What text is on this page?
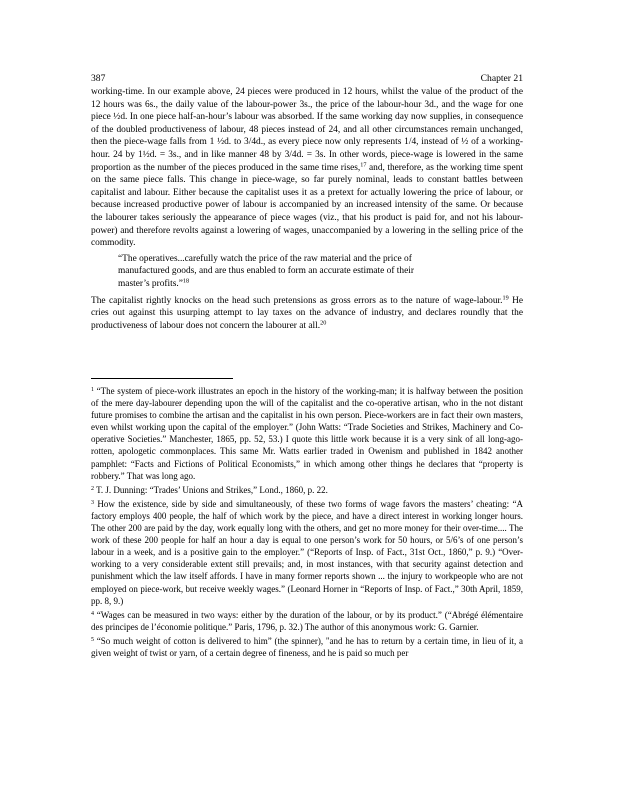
387	Chapter 21

working-time. In our example above, 24 pieces were produced in 12 hours, whilst the value of the product of the 12 hours was 6s., the daily value of the labour-power 3s., the price of the labour-hour 3d., and the wage for one piece ½d. In one piece half-an-hour’s labour was absorbed. If the same working day now supplies, in consequence of the doubled productiveness of labour, 48 pieces instead of 24, and all other circumstances remain unchanged, then the piece-wage falls from 1 ½d. to 3/4d., as every piece now only represents 1/4, instead of ½ of a working-hour. 24 by 1½d. = 3s., and in like manner 48 by 3/4d. = 3s. In other words, piece-wage is lowered in the same proportion as the number of the pieces produced in the same time rises,$^{17}$ and, therefore, as the working time spent on the same piece falls. This change in piece-wage, so far purely nominal, leads to constant battles between capitalist and labour. Either because the capitalist uses it as a pretext for actually lowering the price of labour, or because increased productive power of labour is accompanied by an increased intensity of the same. Or because the labourer takes seriously the appearance of piece wages (viz., that his product is paid for, and not his labour-power) and therefore revolts against a lowering of wages, unaccompanied by a lowering in the selling price of the commodity.

“The operatives...carefully watch the price of the raw material and the price of manufactured goods, and are thus enabled to form an accurate estimate of their master’s profits.”$^{18}$

The capitalist rightly knocks on the head such pretensions as gross errors as to the nature of wage-labour.$^{19}$ He cries out against this usurping attempt to lay taxes on the advance of industry, and declares roundly that the productiveness of labour does not concern the labourer at all.$^{20}$

$^1$ “The system of piece-work illustrates an epoch in the history of the working-man; it is halfway between the position of the mere day-labourer depending upon the will of the capitalist and the co-operative artisan, who in the not distant future promises to combine the artisan and the capitalist in his own person. Piece-workers are in fact their own masters, even whilst working upon the capital of the employer.” (John Watts: “Trade Societies and Strikes, Machinery and Co-operative Societies.” Manchester, 1865, pp. 52, 53.) I quote this little work because it is a very sink of all long-ago-rotten, apologetic commonplaces. This same Mr. Watts earlier traded in Owenism and published in 1842 another pamphlet: “Facts and Fictions of Political Economists,” in which among other things he declares that “property is robbery.” That was long ago.

$^2$ T. J. Dunning: “Trades’ Unions and Strikes,” Lond., 1860, p. 22.

$^3$ How the existence, side by side and simultaneously, of these two forms of wage favors the masters’ cheating: “A factory employs 400 people, the half of which work by the piece, and have a direct interest in working longer hours. The other 200 are paid by the day, work equally long with the others, and get no more money for their over-time.... The work of these 200 people for half an hour a day is equal to one person’s work for 50 hours, or 5/6’s of one person’s labour in a week, and is a positive gain to the employer.” (“Reports of Insp. of Fact., 31st Oct., 1860,” p. 9.) “Over-working to a very considerable extent still prevails; and, in most instances, with that security against detection and punishment which the law itself affords. I have in many former reports shown ... the injury to workpeople who are not employed on piece-work, but receive weekly wages.” (Leonard Horner in “Reports of Insp. of Fact.,” 30th April, 1859, pp. 8, 9.)

$^4$ “Wages can be measured in two ways: either by the duration of the labour, or by its product.” (“Abrégé élémentaire des principes de l’économie politique.” Paris, 1796, p. 32.) The author of this anonymous work: G. Garnier.

$^5$ “So much weight of cotton is delivered to him” (the spinner), "and he has to return by a certain time, in lieu of it, a given weight of twist or yarn, of a certain degree of fineness, and he is paid so much per
